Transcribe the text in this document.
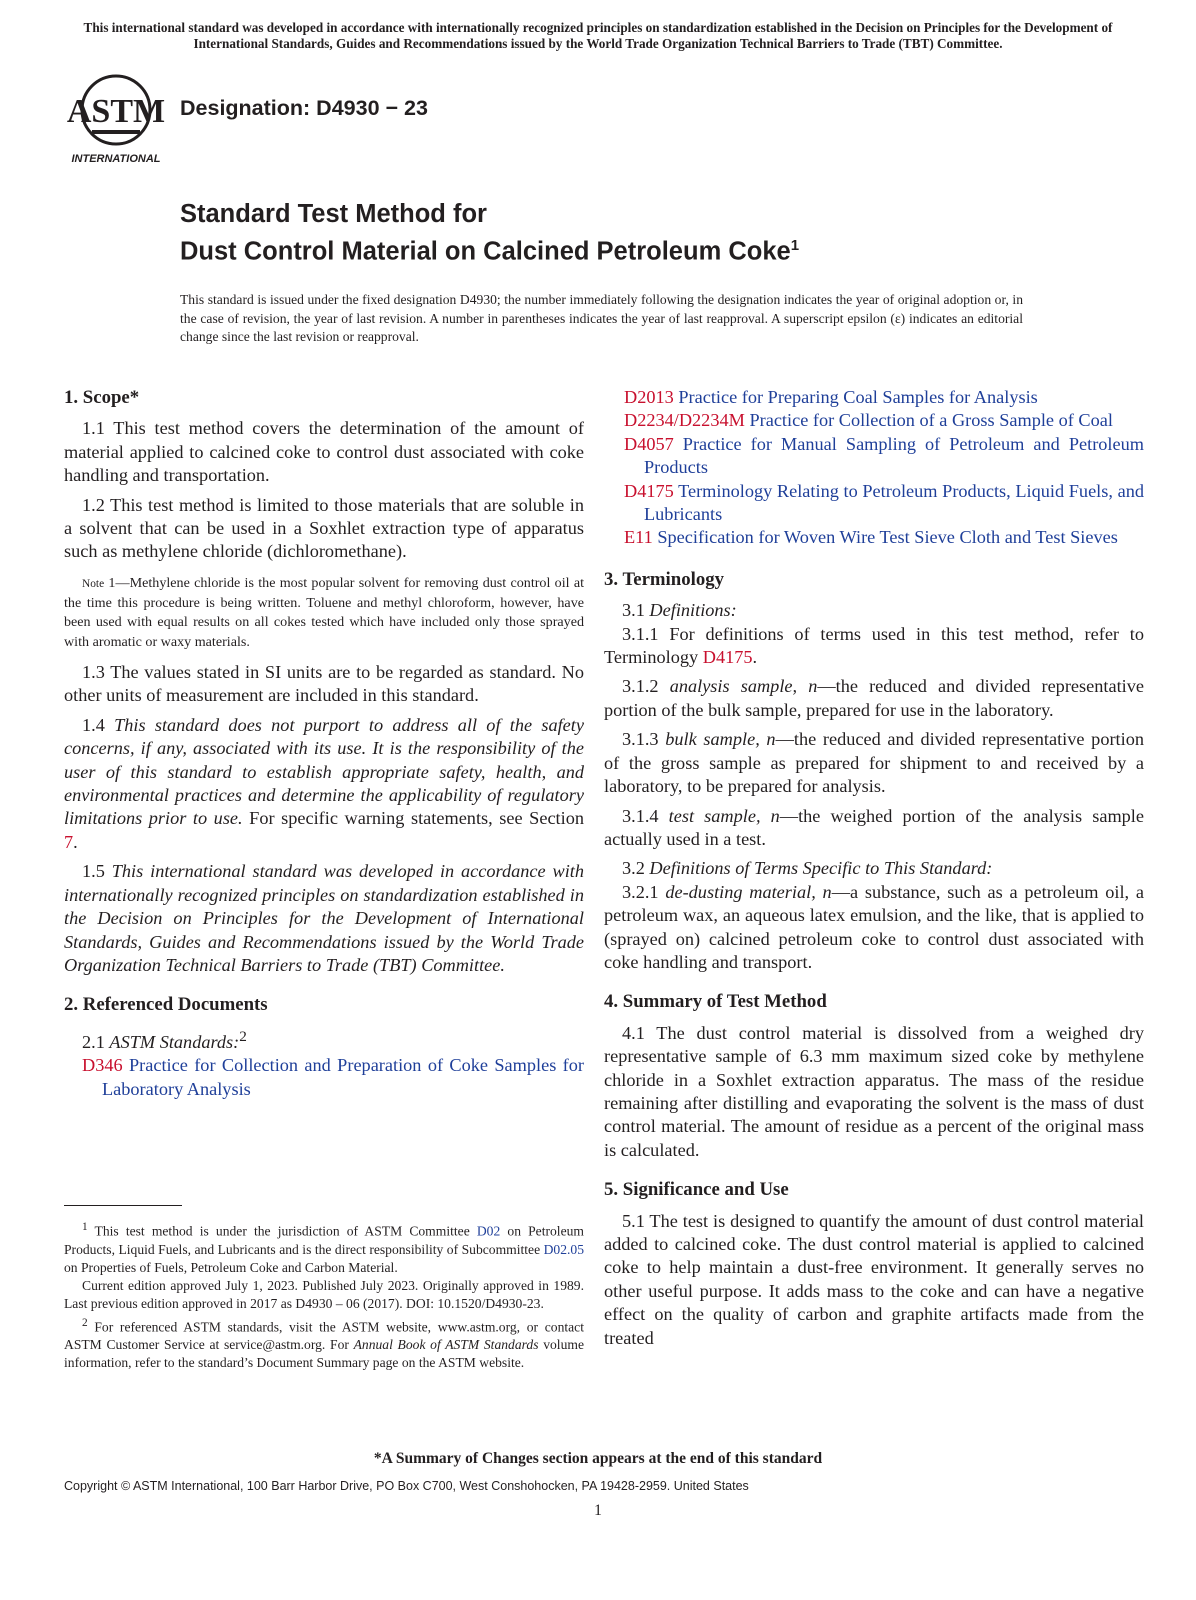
This international standard was developed in accordance with internationally recognized principles on standardization established in the Decision on Principles for the Development of International Standards, Guides and Recommendations issued by the World Trade Organization Technical Barriers to Trade (TBT) Committee.
ASTM
INTERNATIONAL
Designation: D4930 − 23
Standard Test Method for
Dust Control Material on Calcined Petroleum Coke$^1$
This standard is issued under the fixed designation D4930; the number immediately following the designation indicates the year of original adoption or, in the case of revision, the year of last revision. A number in parentheses indicates the year of last reapproval. A superscript epsilon (ε) indicates an editorial change since the last revision or reapproval.
1. Scope*

1.1 This test method covers the determination of the amount of material applied to calcined coke to control dust associated with coke handling and transportation.

1.2 This test method is limited to those materials that are soluble in a solvent that can be used in a Soxhlet extraction type of apparatus such as methylene chloride (dichloromethane).

Note 1—Methylene chloride is the most popular solvent for removing dust control oil at the time this procedure is being written. Toluene and methyl chloroform, however, have been used with equal results on all cokes tested which have included only those sprayed with aromatic or waxy materials.

1.3 The values stated in SI units are to be regarded as standard. No other units of measurement are included in this standard.

1.4 This standard does not purport to address all of the safety concerns, if any, associated with its use. It is the responsibility of the user of this standard to establish appropriate safety, health, and environmental practices and determine the applicability of regulatory limitations prior to use. For specific warning statements, see Section 7.

1.5 This international standard was developed in accordance with internationally recognized principles on standardization established in the Decision on Principles for the Development of International Standards, Guides and Recommendations issued by the World Trade Organization Technical Barriers to Trade (TBT) Committee.

2. Referenced Documents

2.1 ASTM Standards:$^2$

D346 Practice for Collection and Preparation of Coke Samples for Laboratory Analysis

$^1$ This test method is under the jurisdiction of ASTM Committee D02 on Petroleum Products, Liquid Fuels, and Lubricants and is the direct responsibility of Subcommittee D02.05 on Properties of Fuels, Petroleum Coke and Carbon Material.

Current edition approved July 1, 2023. Published July 2023. Originally approved in 1989. Last previous edition approved in 2017 as D4930 – 06 (2017). DOI: 10.1520/D4930-23.

$^2$ For referenced ASTM standards, visit the ASTM website, www.astm.org, or contact ASTM Customer Service at service@astm.org. For Annual Book of ASTM Standards volume information, refer to the standard’s Document Summary page on the ASTM website.

D2013 Practice for Preparing Coal Samples for Analysis

D2234/D2234M Practice for Collection of a Gross Sample of Coal

D4057 Practice for Manual Sampling of Petroleum and Petroleum Products

D4175 Terminology Relating to Petroleum Products, Liquid Fuels, and Lubricants

E11 Specification for Woven Wire Test Sieve Cloth and Test Sieves

3. Terminology

3.1 Definitions:

3.1.1 For definitions of terms used in this test method, refer to Terminology D4175.

3.1.2 analysis sample, n—the reduced and divided representative portion of the bulk sample, prepared for use in the laboratory.

3.1.3 bulk sample, n—the reduced and divided representative portion of the gross sample as prepared for shipment to and received by a laboratory, to be prepared for analysis.

3.1.4 test sample, n—the weighed portion of the analysis sample actually used in a test.

3.2 Definitions of Terms Specific to This Standard:

3.2.1 de-dusting material, n—a substance, such as a petroleum oil, a petroleum wax, an aqueous latex emulsion, and the like, that is applied to (sprayed on) calcined petroleum coke to control dust associated with coke handling and transport.

4. Summary of Test Method

4.1 The dust control material is dissolved from a weighed dry representative sample of 6.3 mm maximum sized coke by methylene chloride in a Soxhlet extraction apparatus. The mass of the residue remaining after distilling and evaporating the solvent is the mass of dust control material. The amount of residue as a percent of the original mass is calculated.

5. Significance and Use

5.1 The test is designed to quantify the amount of dust control material added to calcined coke. The dust control material is applied to calcined coke to help maintain a dust-free environment. It generally serves no other useful purpose. It adds mass to the coke and can have a negative effect on the quality of carbon and graphite artifacts made from the treated

*A Summary of Changes section appears at the end of this standard
Copyright © ASTM International, 100 Barr Harbor Drive, PO Box C700, West Conshohocken, PA 19428-2959. United States
1
